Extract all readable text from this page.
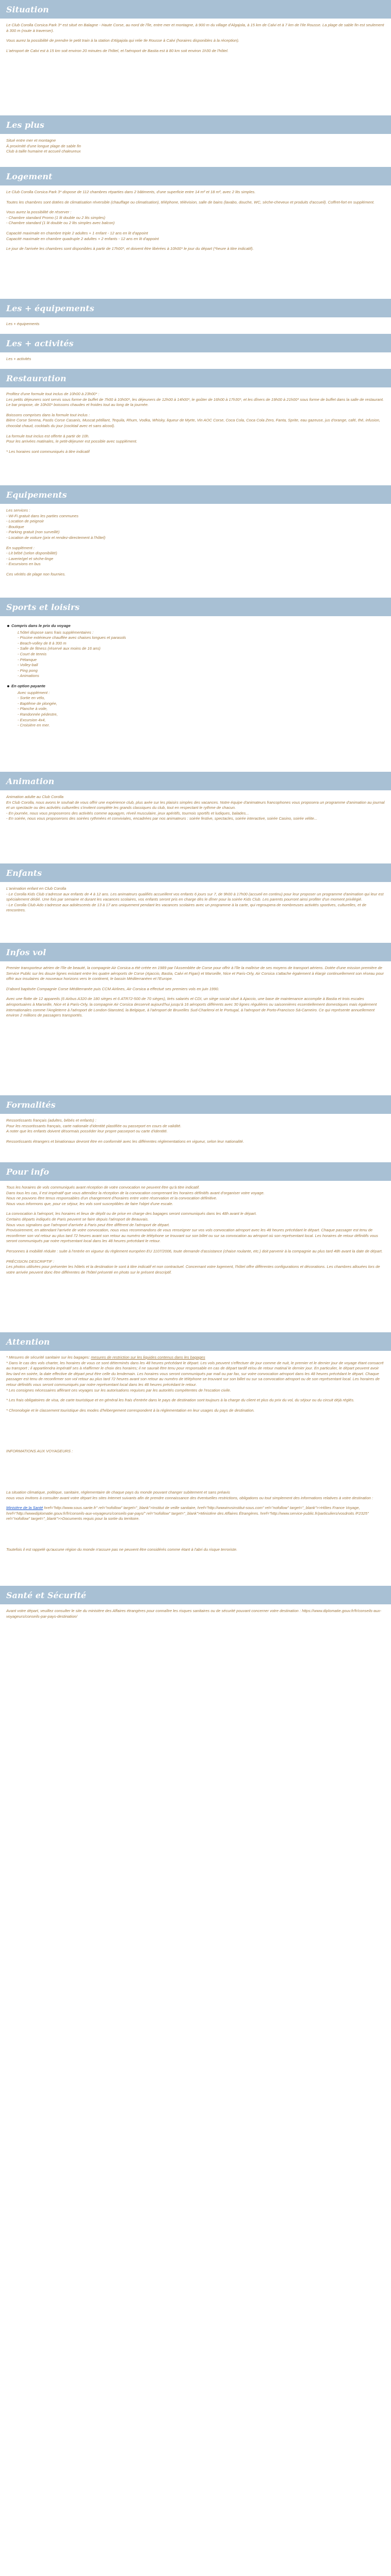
Situation

Le Club Corolla Corsica Park 3* est situé en Balagne - Haute Corse, au nord de l'île, entre mer et montagne, à 900 m du village d'Algajola, à 15 km de Calvi et à 7 km de l'Ile Rousse. La plage de sable fin est seulement à 300 m (route à traverser).

Vous aurez la possibilité de prendre le petit train à la station d'Algajola qui relie Ile Rousse à Calvi (horaires disponibles à la réception).

L'aéroport de Calvi est à 15 km soit environ 20 minutes de l'hôtel, et l'aéroport de Bastia est à 80 km soit environ 1h30 de l'hôtel.

Les plus

Situé entre mer et montagne
À proximité d'une longue plage de sable fin
Club à taille humaine et accueil chaleureux

Logement

Le Club Corolla Corsica Park 3* dispose de 112 chambres réparties dans 2 bâtiments, d'une superficie entre 14 m² et 18 m², avec 2 lits simples.

Toutes les chambres sont dotées de climatisation réversible (chauffage ou climatisation), téléphone, télévision, salle de bains (lavabo, douche, WC, sèche-cheveux et produits d'accueil). Coffret-fort en supplément.

Vous aurez la possibilité de réserver :
- Chambre standard Promo (1 lit double ou 2 lits simples)
- Chambre standard (1 lit double ou 2 lits simples avec balcon)

Capacité maximale en chambre triple 2 adultes + 1 enfant - 12 ans en lit d'appoint
Capacité maximale en chambre quadruple 2 adultes + 2 enfants - 12 ans en lit d'appoint

Le jour de l'arrivée les chambres sont disponibles à partir de 17h00*, et doivent être libérées à 10h00* le jour du départ (*heure à titre indicatif).

Les + équipements

Les + équipements

Les + activités

Les + activités

Restauration

Profitez d'une formule tout inclus de 10h00 à 23h00* :
Les petits déjeuners sont servis sous forme de buffet de 7h00 à 10h00*, les déjeuners de 12h00 à 14h00*, le goûter de 16h00 à 17h30*, et les dîners de 19h00 à 21h00* sous forme de buffet dans la salle de restaurant.
Le bar propose, de 10h00* boissons chaudes et froides tout au long de la journée.

Boissons comprises dans la formule tout inclus :
Bière Corse Serena, Pastis Corse Casanis, Muscat pétillant, Tequila, Rhum, Vodka, Whisky, liqueur de Myrte, Vin AOC Corse, Coca Cola, Coca Cola Zero, Fanta, Sprite, eau gazeuse, jus d'orange, café, thé, infusion, chocolat chaud, cocktails du jour (cocktail avec et sans alcool).

La formule tout inclus est offerte à partir de 10h.
Pour les arrivées matinales, le petit-déjeuner est possible avec supplément.

* Les horaires sont communiqués à titre indicatif

Equipements

Les services :
- Wi-Fi gratuit dans les parties communes
- Location de peignoir
- Boutique
- Parking gratuit (non surveillé)
- Location de voiture (prix et rendez-directement à l'hôtel)

En supplément :
- Lit bébé (selon disponibilité)
- Laverie/gel et sèche-linge
- Excursions en bus

Ces vérités de plage non fournies.

Sports et loisirs
Compris dans le prix du voyage

L'hôtel dispose sans frais supplémentaires :
- Piscine extérieure chauffée avec chaises longues et parasols
- Beach-volley de 8 à 300 m
- Salle de fitness (réservé aux moins de 16 ans)
- Court de tennis
- Pétanque
- Volley-ball
- Ping pong
- Animations

En option payante

Avec supplément :
- Sortie en vélo,
- Baptême de plongée,
- Planche à voile,
- Randonnée pédestre,
- Excursion 4x4,
- Croisière en mer.

Animation

Animation adulte au Club Corolla
En Club Corolla, nous avons le souhait de vous offrir une expérience club, plus axée sur les plaisirs simples des vacances. Notre équipe d'animateurs francophones vous proposera un programme d'animation au journal et un spectacle ou des activités culturelles s'invitent complète les grands classiques du club, tout en respectant le rythme de chacun.
- En journée, nous vous proposerons des activités comme aquagym, réveil musculaire, jeux apéritifs, tournois sportifs et ludiques, balades...
- En soirée, nous vous proposerons des soirées rythmées et conviviales, encadrées par nos animateurs : soirée festive, spectacles, soirée interactive, soirée Casino, soirée vélite...

Enfants

L'animation enfant en Club Corolla
- Le Corolla Kids Club s'adresse aux enfants de 4 à 12 ans. Les animateurs qualifiés accueillent vos enfants 6 jours sur 7, de 9h00 à 17h00 (accueil en continu) pour leur proposer un programme d'animation qui leur est spécialement dédié. Une fois par semaine et durant les vacances scolaires, vos enfants seront pris en charge dès le dîner pour la soirée Kids Club. Les parents pourront ainsi profiter d'un moment privilégié.
- Le Corolla Club Ado s'adresse aux adolescents de 13 à 17 ans uniquement pendant les vacances scolaires avec un programme à la carte, qui regroupera de nombreuses activités sportives, culturelles, et de rencontres.

Infos vol

Premier transporteur aérien de l'île de beauté, la compagnie Air Corsica a été créée en 1989 par l'Assemblée de Corse pour offrir à l'île la maîtrise de ses moyens de transport aériens. Dotée d'une mission première de Service Public sur les douze lignes existant entre les quatre aéroports de Corse (Ajaccio, Bastia, Calvi et Figari) et Marseille, Nice et Paris-Orly, Air Corsica s'attache également à élargir continuellement son réseau pour offrir aux insulaires de nouveaux horizons vers le continent, le bassin Méditerranéen et l'Europe.

D'abord baptisée Compagnie Corse Méditerranée puis CCM Airlines, Air Corsica a effectué ses premiers vols en juin 1990.

Avec une flotte de 12 appareils (6 Airbus A320 de 180 sièges et 6 ATR72-500 de 70 sièges), tirés salariés et CDI, un siège social situé à Ajaccio, une base de maintenance accomplie à Bastia et trois escales aéroportuaires à Marseille, Nice et à Paris-Orly, la compagnie Air Corsica desservit aujourd'hui jusqu'à 16 aéroports différents avec 30 lignes régulières ou saisonnières essentiellement domestiques mais également internationales comme l'Angleterre à l'aéroport de London-Stansted, la Belgique, à l'aéroport de Bruxelles Sud-Charleroi et le Portugal, à l'aéroport de Porto-Francisco Sá-Carneiro. Ce qui représente annuellement environ 2 millions de passagers transportés.

Formalités

Ressortissants français (adultes, bébés et enfants) :
Pour les ressortissants français, carte nationale d'identité plastifiée ou passeport en cours de validité.
A noter que les enfants doivent désormais posséder leur propre passeport ou carte d'identité.

Ressortissants étrangers et binationaux devront être en conformité avec les différentes réglementations en vigueur, selon leur nationalité.

Pour info

Tous les horaires de vols communiqués avant réception de votre convocation ne peuvent être qu'à titre indicatif.
Dans tous les cas, il est impératif que vous attendiez la réception de la convocation comprenant les horaires définitifs avant d'organiser votre voyage.
Nous ne pouvons être tenus responsables d'un changement d'horaires entre votre réservation et la convocation définitive.
Nous vous informons que, pour ce séjour, les vols sont susceptibles de faire l'objet d'une escale.

La convocation à l'aéroport, les horaires et lieux de dépôt ou de prise en charge des bagages seront communiqués dans les 48h avant le départ.
Certains départs indiqués de Paris peuvent se faire depuis l'aéroport de Beauvais.
Nous vous signalons que l'aéroport d'arrivée à Paris peut être différent de l'aéroport de départ.
Provisoirement, en attendant l'arrivée de votre convocation, nous vous recommandons de vous renseigner sur vos vols convocation aéroport avec les 48 heures précédant le départ. Chaque passager est tenu de reconfirmer son vol retour au plus tard 72 heures avant son retour au numéro de téléphone se trouvant sur son billet ou sur sa convocation au aéroport où son représentant local. Les horaires de retour définitifs vous seront communiqués par notre représentant local dans les 48 heures précédant le retour.

Personnes à mobilité réduite : suite à l'entrée en vigueur du règlement européen EU 1107/2006, toute demande d'assistance (chaise roulante, etc.) doit parvenir à la compagnie au plus tard 48h avant la date de départ.

PRÉCISION DESCRIPTIF :
Les photos utilisées pour présenter les hôtels et la destination le sont à titre indicatif et non contractuel. Concernant votre logement, l'hôtel offre différentes configurations et décorations. Les chambres allouées lors de votre arrivée peuvent donc être différentes de l'hôtel présenté en photo sur le présent descriptif.

Attention

* Mesures de sécurité sanitaire sur les bagages: mesures de restriction sur les liquides contenus dans les bagages
* Dans le cas des vols charter, les horaires de vous ce sont déterminés dans les 48 heures précédant le départ. Les vols peuvent s'effectuer de jour comme de nuit, le premier et le dernier jour de voyage étant consacré au transport ; il appartiendra impératif ses à réaffirmer le choix des horaires; il ne saurait être tenu pour responsable en cas de départ tardif et/ou de retour matinal le dernier jour. En particulier, le départ peuvent avoir lieu tard en soirée, la date effective de départ peut être celle du lendemain. Les horaires vous seront communiqués par mail ou par fax, sur votre convocation aéroport dans les 48 heures précédant le départ. Chaque passager est tenu de reconfirmer son vol retour au plus tard 72 heures avant son retour au numéro de téléphone se trouvant sur son billet ou sur sa convocation aéroport ou de son représentant local. Les horaires de retour définitifs vous seront communiqués par notre représentant local dans les 48 heures précédant le retour.
* Les consignes nécessaires afférant ces voyages sur les autorisations requises par les autorités compétentes de l'escation civile.

* Les frais obligatoires de visa, de carte touristique et en général les frais d'entrée dans le pays de destination sont toujours à la charge du client et plus du prix du vol, du séjour ou du circuit déjà réglés.

* Chronologie et le classement touristique des modes d'hébergement correspondent à la réglementation en leur usages du pays de destination.

INFORMATIONS AUX VOYAGEURS :

La situation climatique, politique, sanitaire, réglementaire de chaque pays du monde pouvant changer subitement et sans préavis
nous vous invitons à consulter avant votre départ les sites Internet suivants afin de prendre connaissance des éventuelles restrictions, obligations ou tout simplement des informations relatives à votre destination :

Ministère de la Santé href="http://www.sous.sante.fr" rel="nofollow" target="_blank">Institut de veille sanitaire, href="http://wwwinvsinstitut-sous.com" rel="nofollow" target="_blank">>Hôtes France Voyage, href="http://wwwdiplomatie.gouv.fr/fr/conseils-aux-voyageurs/conseils-par-pays/" rel="nofollow" target="_blank">Ministère des Affaires Étrangères. href="http://www.service-public.fr/particuliers/vosdroits /F2325" rel="nofollow" target="_blank">>Documents requis pour la sortie du territoire.

Toutefois il est rappelé qu'aucune région du monde n'assure pas ne peuvent être considérés comme étant à l'abri du risque terroriste.

Santé et Sécurité

Avant votre départ, veuillez consulter le site du ministère des Affaires étrangères pour connaître les risques sanitaires ou de sécurité pouvant concerner votre destination : https://www.diplomatie.gouv.fr/fr/conseils-aux-voyageurs/conseils-par-pays-destination/
